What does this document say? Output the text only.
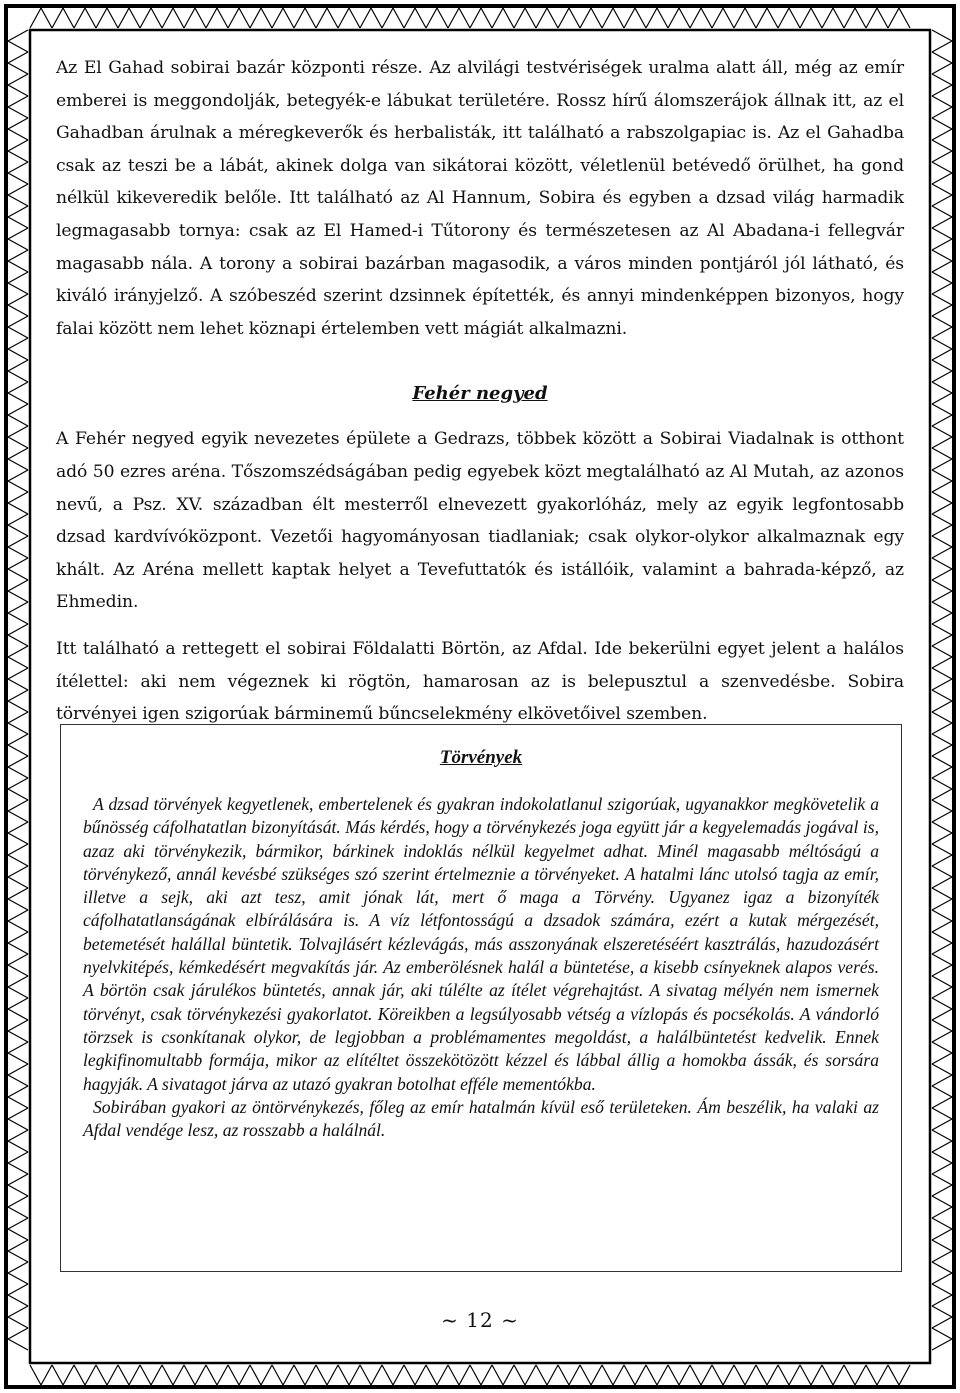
Az El Gahad sobirai bazár központi része. Az alvilági testvériségek uralma alatt áll, még az emír emberei is meggondolják, betegyék-e lábukat területére. Rossz hírű álomszerájok állnak itt, az el Gahadban árulnak a méregkeverők és herbalisták, itt található a rabszolgapiac is. Az el Gahadba csak az teszi be a lábát, akinek dolga van sikátorai között, véletlenül betévedő örülhet, ha gond nélkül kikeveredik belőle. Itt található az Al Hannum, Sobira és egyben a dzsad világ harmadik legmagasabb tornya: csak az El Hamed-i Tűtorony és természetesen az Al Abadana-i fellegvár magasabb nála. A torony a sobirai bazárban magasodik, a város minden pontjáról jól látható, és kiváló irányjelző. A szóbeszéd szerint dzsinnek építették, és annyi mindenképpen bizonyos, hogy falai között nem lehet köznapi értelemben vett mágiát alkalmazni.

Fehér negyed

A Fehér negyed egyik nevezetes épülete a Gedrazs, többek között a Sobirai Viadalnak is otthont adó 50 ezres aréna. Tőszomszédságában pedig egyebek közt megtalálható az Al Mutah, az azonos nevű, a Psz. XV. században élt mesterről elnevezett gyakorlóház, mely az egyik legfontosabb dzsad kardvívóközpont. Vezetői hagyományosan tiadlaniak; csak olykor-olykor alkalmaznak egy khált. Az Aréna mellett kaptak helyet a Tevefuttatók és istállóik, valamint a bahrada-képző, az Ehmedin.

Itt található a rettegett el sobirai Földalatti Börtön, az Afdal. Ide bekerülni egyet jelent a halálos ítélettel: aki nem végeznek ki rögtön, hamarosan az is belepusztul a szenvedésbe. Sobira törvényei igen szigorúak bárminemű bűncselekmény elkövetőivel szemben.

Törvények

A dzsad törvények kegyetlenek, embertelenek és gyakran indokolatlanul szigorúak, ugyanakkor megkövetelik a bűnösség cáfolhatatlan bizonyítását. Más kérdés, hogy a törvénykezés joga együtt jár a kegyelemadás jogával is, azaz aki törvénykezik, bármikor, bárkinek indoklás nélkül kegyelmet adhat. Minél magasabb méltóságú a törvénykező, annál kevésbé szükséges szó szerint értelmeznie a törvényeket. A hatalmi lánc utolsó tagja az emír, illetve a sejk, aki azt tesz, amit jónak lát, mert ő maga a Törvény. Ugyanez igaz a bizonyíték cáfolhatatlanságának elbírálására is. A víz létfontosságú a dzsadok számára, ezért a kutak mérgezését, betemetését halállal büntetik. Tolvajlásért kézlevágás, más asszonyának elszeretéséért kasztrálás, hazudozásért nyelvkitépés, kémkedésért megvakítás jár. Az emberölésnek halál a büntetése, a kisebb csínyeknek alapos verés. A börtön csak járulékos büntetés, annak jár, aki túlélte az ítélet végrehajtást. A sivatag mélyén nem ismernek törvényt, csak törvénykezési gyakorlatot. Köreikben a legsúlyosabb vétség a vízlopás és pocsékolás. A vándorló törzsek is csonkítanak olykor, de legjobban a problémamentes megoldást, a halálbüntetést kedvelik. Ennek legkifinomultabb formája, mikor az elítéltet összekötözött kézzel és lábbal állig a homokba ássák, és sorsára hagyják. A sivatagot járva az utazó gyakran botolhat efféle mementókba.

Sobirában gyakori az öntörvénykezés, főleg az emír hatalmán kívül eső területeken. Ám beszélik, ha valaki az Afdal vendége lesz, az rosszabb a halálnál.

~ 12 ~
